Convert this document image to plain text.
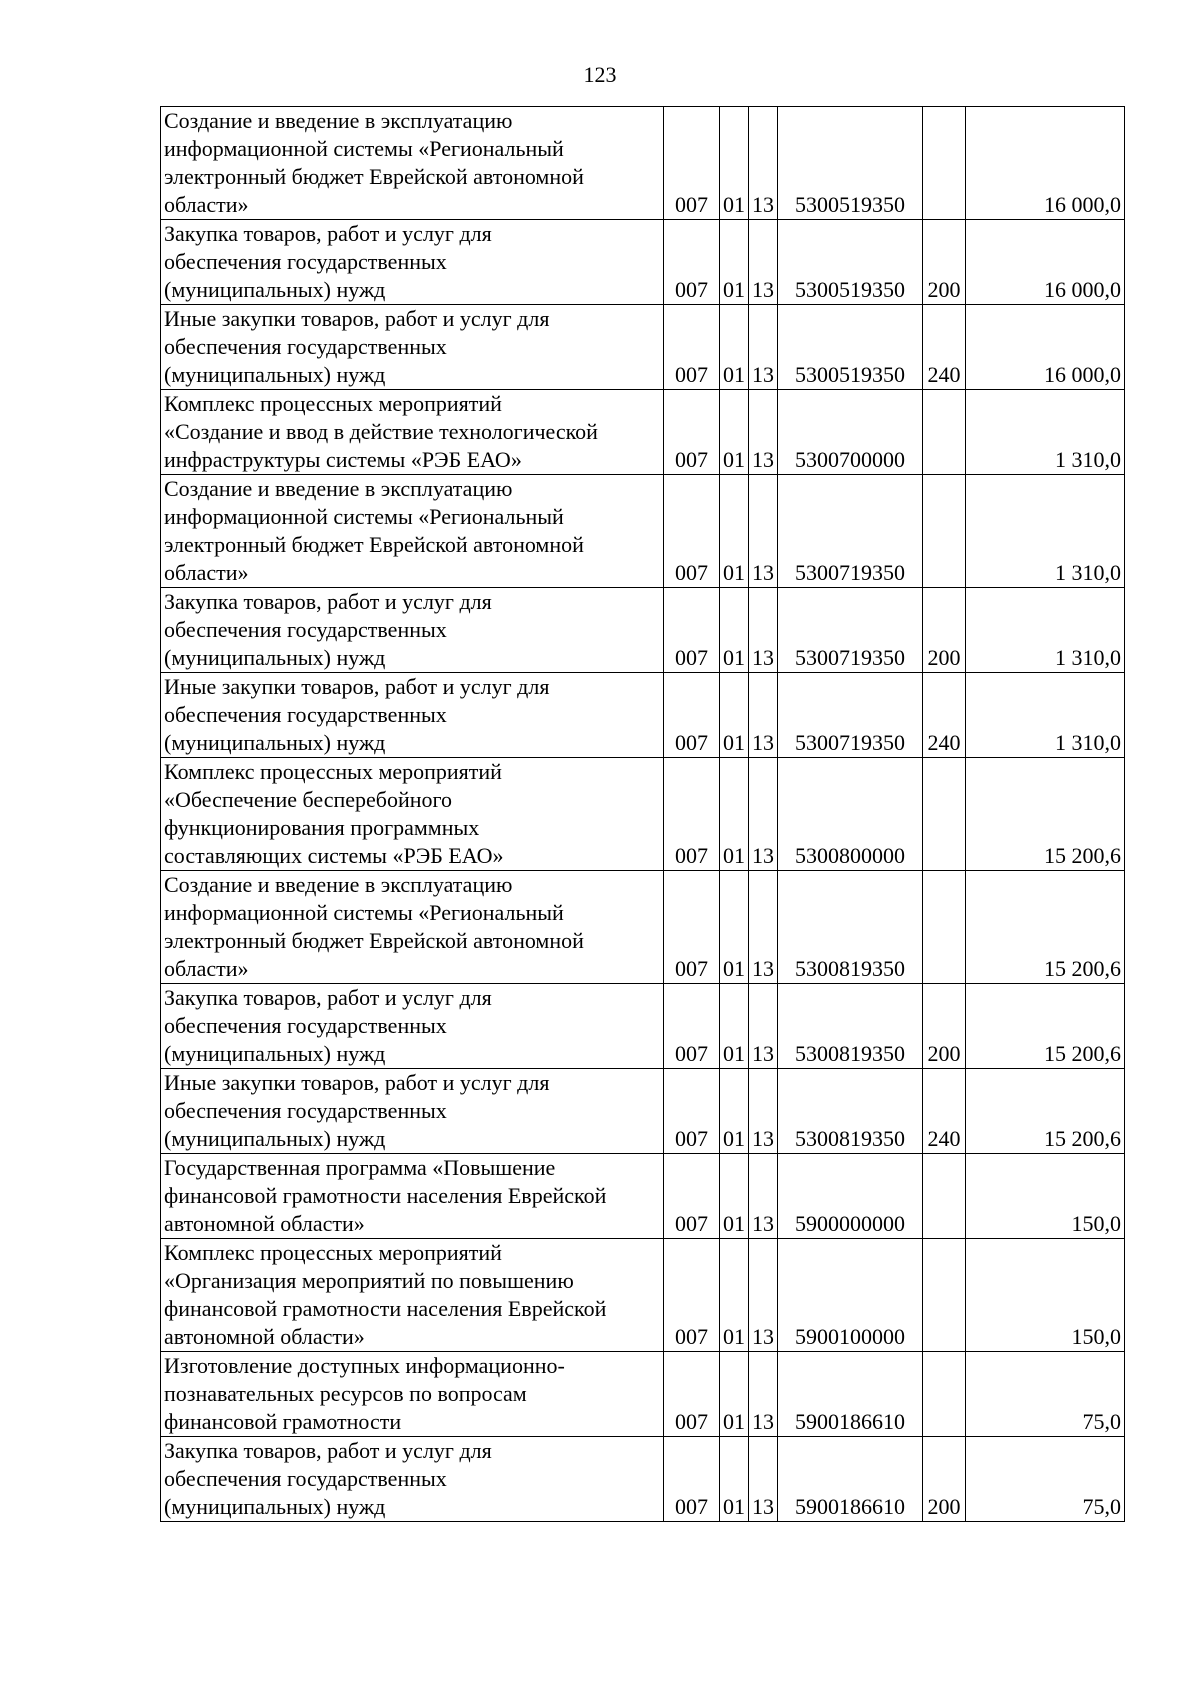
123
Создание и введение в эксплуатацию
информационной системы «Региональный
электронный бюджет Еврейской автономной
области»	007	01	13	5300519350		16 000,0
Закупка товаров, работ и услуг для
обеспечения государственных
(муниципальных) нужд	007	01	13	5300519350	200	16 000,0
Иные закупки товаров, работ и услуг для
обеспечения государственных
(муниципальных) нужд	007	01	13	5300519350	240	16 000,0
Комплекс процессных мероприятий
«Создание и ввод в действие технологической
инфраструктуры системы «РЭБ ЕАО»	007	01	13	5300700000		1 310,0
Создание и введение в эксплуатацию
информационной системы «Региональный
электронный бюджет Еврейской автономной
области»	007	01	13	5300719350		1 310,0
Закупка товаров, работ и услуг для
обеспечения государственных
(муниципальных) нужд	007	01	13	5300719350	200	1 310,0
Иные закупки товаров, работ и услуг для
обеспечения государственных
(муниципальных) нужд	007	01	13	5300719350	240	1 310,0
Комплекс процессных мероприятий
«Обеспечение бесперебойного
функционирования программных
составляющих системы «РЭБ ЕАО»	007	01	13	5300800000		15 200,6
Создание и введение в эксплуатацию
информационной системы «Региональный
электронный бюджет Еврейской автономной
области»	007	01	13	5300819350		15 200,6
Закупка товаров, работ и услуг для
обеспечения государственных
(муниципальных) нужд	007	01	13	5300819350	200	15 200,6
Иные закупки товаров, работ и услуг для
обеспечения государственных
(муниципальных) нужд	007	01	13	5300819350	240	15 200,6
Государственная программа «Повышение
финансовой грамотности населения Еврейской
автономной области»	007	01	13	5900000000		150,0
Комплекс процессных мероприятий
«Организация мероприятий по повышению
финансовой грамотности населения Еврейской
автономной области»	007	01	13	5900100000		150,0
Изготовление доступных информационно-
познавательных ресурсов по вопросам
финансовой грамотности	007	01	13	5900186610		75,0
Закупка товаров, работ и услуг для
обеспечения государственных
(муниципальных) нужд	007	01	13	5900186610	200	75,0
